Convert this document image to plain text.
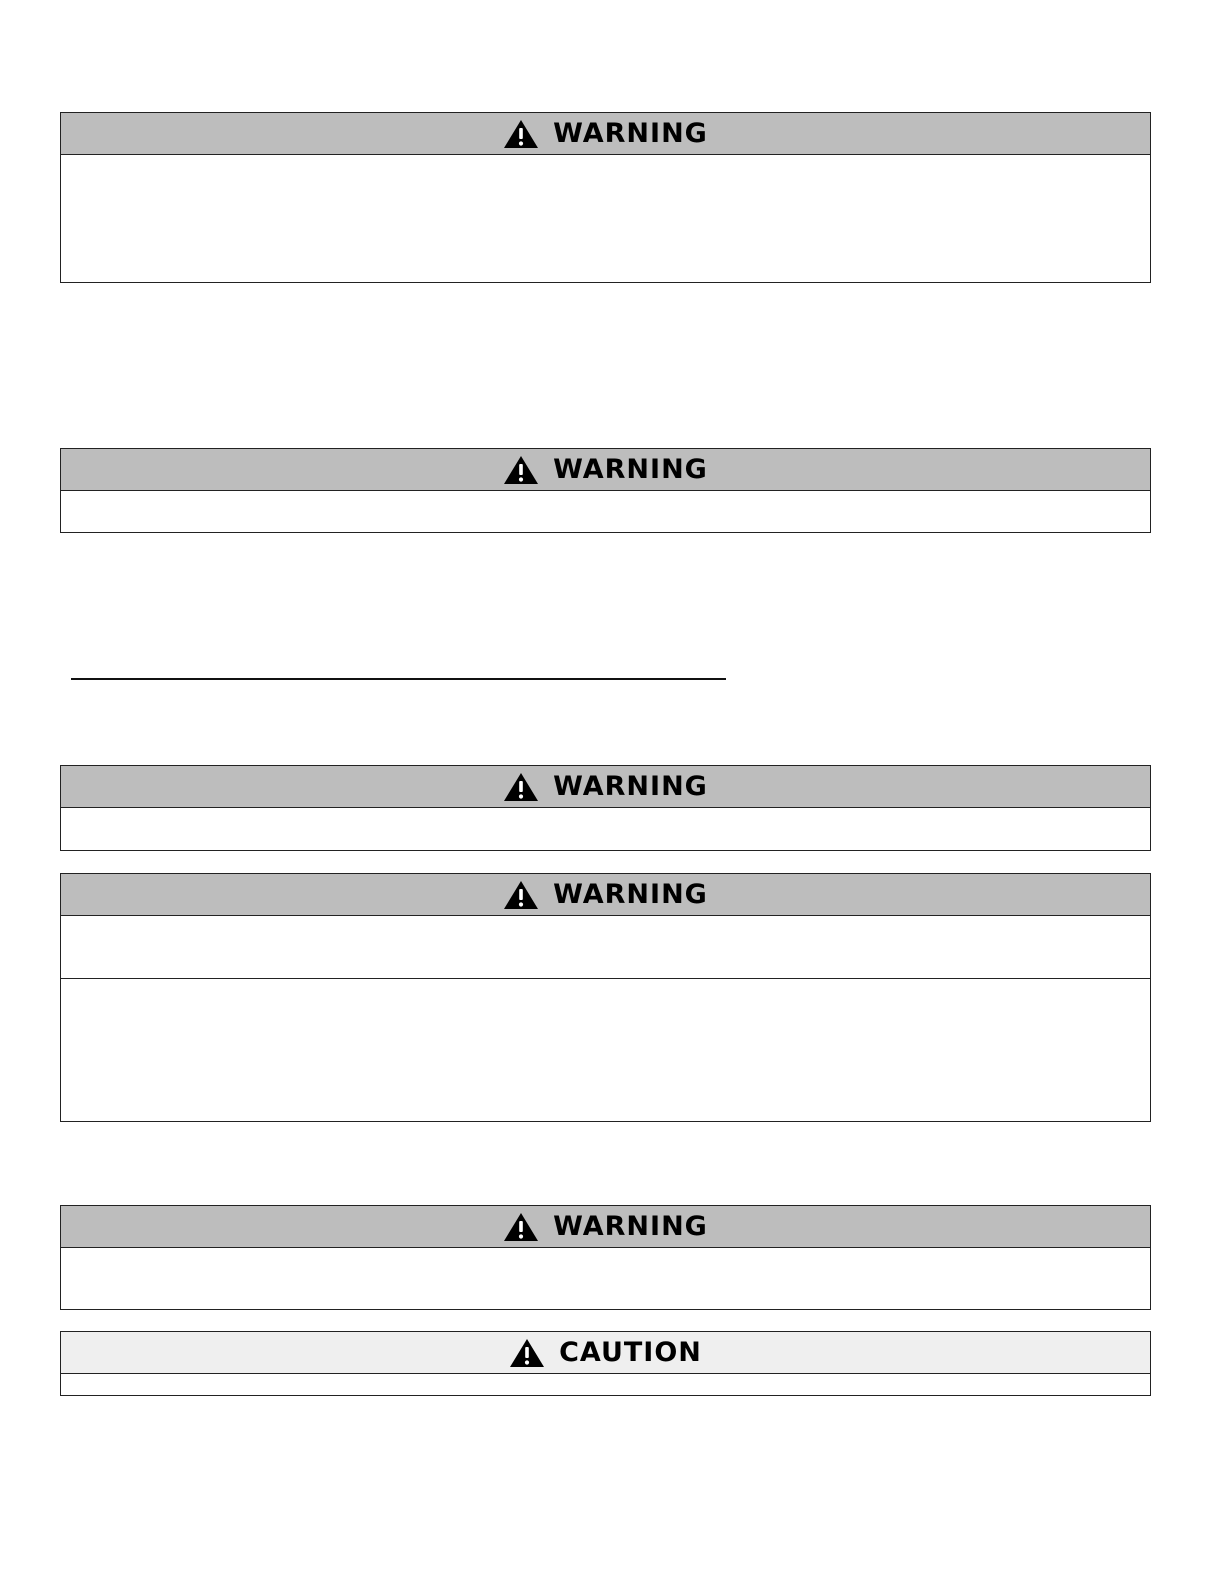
WARNING
WARNING
WARNING
WARNING
WARNING
CAUTION
